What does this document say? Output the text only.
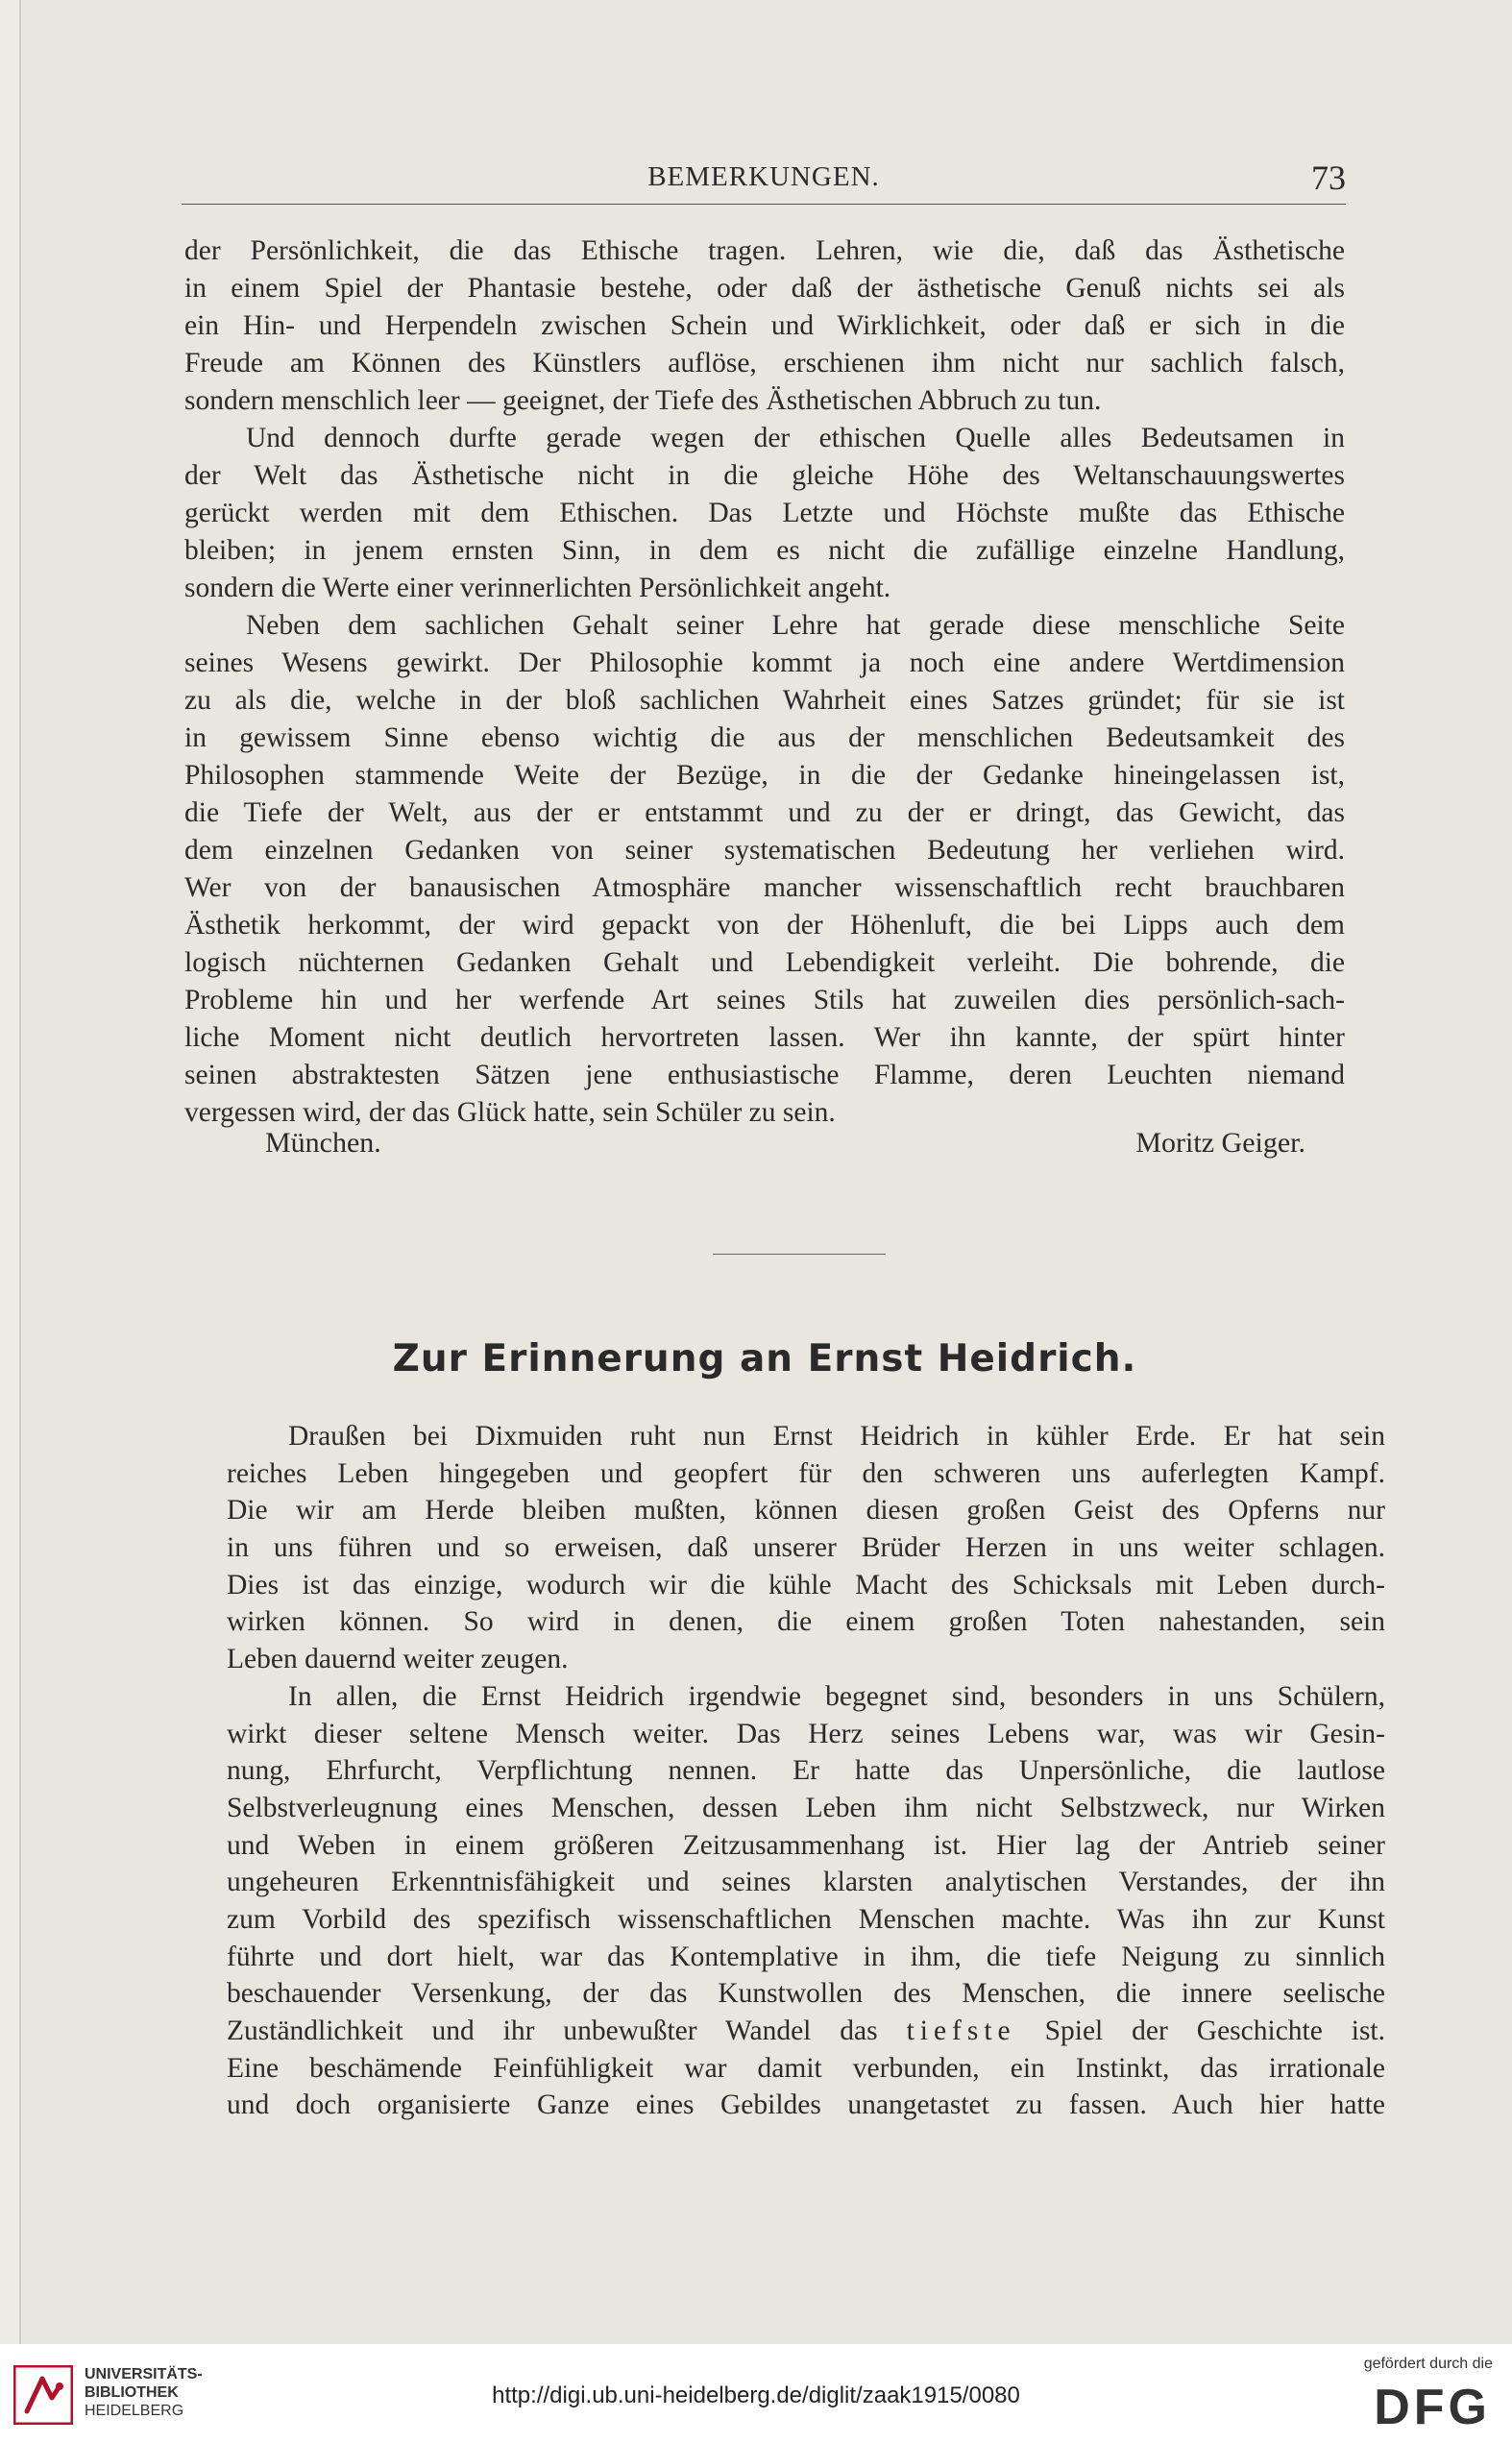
BEMERKUNGEN.	73
der Persönlichkeit, die das Ethische tragen. Lehren, wie die, daß das Ästhetische
in einem Spiel der Phantasie bestehe, oder daß der ästhetische Genuß nichts sei als
ein Hin- und Herpendeln zwischen Schein und Wirklichkeit, oder daß er sich in die
Freude am Können des Künstlers auflöse, erschienen ihm nicht nur sachlich falsch,
sondern menschlich leer — geeignet, der Tiefe des Ästhetischen Abbruch zu tun.
Und dennoch durfte gerade wegen der ethischen Quelle alles Bedeutsamen in
der Welt das Ästhetische nicht in die gleiche Höhe des Weltanschauungswertes
gerückt werden mit dem Ethischen. Das Letzte und Höchste mußte das Ethische
bleiben; in jenem ernsten Sinn, in dem es nicht die zufällige einzelne Handlung,
sondern die Werte einer verinnerlichten Persönlichkeit angeht.
Neben dem sachlichen Gehalt seiner Lehre hat gerade diese menschliche Seite
seines Wesens gewirkt. Der Philosophie kommt ja noch eine andere Wertdimension
zu als die, welche in der bloß sachlichen Wahrheit eines Satzes gründet; für sie ist
in gewissem Sinne ebenso wichtig die aus der menschlichen Bedeutsamkeit des
Philosophen stammende Weite der Bezüge, in die der Gedanke hineingelassen ist,
die Tiefe der Welt, aus der er entstammt und zu der er dringt, das Gewicht, das
dem einzelnen Gedanken von seiner systematischen Bedeutung her verliehen wird.
Wer von der banausischen Atmosphäre mancher wissenschaftlich recht brauchbaren
Ästhetik herkommt, der wird gepackt von der Höhenluft, die bei Lipps auch dem
logisch nüchternen Gedanken Gehalt und Lebendigkeit verleiht. Die bohrende, die
Probleme hin und her werfende Art seines Stils hat zuweilen dies persönlich-sach-
liche Moment nicht deutlich hervortreten lassen. Wer ihn kannte, der spürt hinter
seinen abstraktesten Sätzen jene enthusiastische Flamme, deren Leuchten niemand
vergessen wird, der das Glück hatte, sein Schüler zu sein.
München.	Moritz Geiger.
Zur Erinnerung an Ernst Heidrich.
Draußen bei Dixmuiden ruht nun Ernst Heidrich in kühler Erde. Er hat sein
reiches Leben hingegeben und geopfert für den schweren uns auferlegten Kampf.
Die wir am Herde bleiben mußten, können diesen großen Geist des Opferns nur
in uns führen und so erweisen, daß unserer Brüder Herzen in uns weiter schlagen.
Dies ist das einzige, wodurch wir die kühle Macht des Schicksals mit Leben durch-
wirken können. So wird in denen, die einem großen Toten nahestanden, sein
Leben dauernd weiter zeugen.
In allen, die Ernst Heidrich irgendwie begegnet sind, besonders in uns Schülern,
wirkt dieser seltene Mensch weiter. Das Herz seines Lebens war, was wir Gesin-
nung, Ehrfurcht, Verpflichtung nennen. Er hatte das Unpersönliche, die lautlose
Selbstverleugnung eines Menschen, dessen Leben ihm nicht Selbstzweck, nur Wirken
und Weben in einem größeren Zeitzusammenhang ist. Hier lag der Antrieb seiner
ungeheuren Erkenntnisfähigkeit und seines klarsten analytischen Verstandes, der ihn
zum Vorbild des spezifisch wissenschaftlichen Menschen machte. Was ihn zur Kunst
führte und dort hielt, war das Kontemplative in ihm, die tiefe Neigung zu sinnlich
beschauender Versenkung, der das Kunstwollen des Menschen, die innere seelische
Zuständlichkeit und ihr unbewußter Wandel das tiefste Spiel der Geschichte ist.
Eine beschämende Feinfühligkeit war damit verbunden, ein Instinkt, das irrationale
und doch organisierte Ganze eines Gebildes unangetastet zu fassen. Auch hier hatte
UNIVERSITÄTS-
BIBLIOTHEK
HEIDELBERG
http://digi.ub.uni-heidelberg.de/diglit/zaak1915/0080
gefördert durch die
DFG
